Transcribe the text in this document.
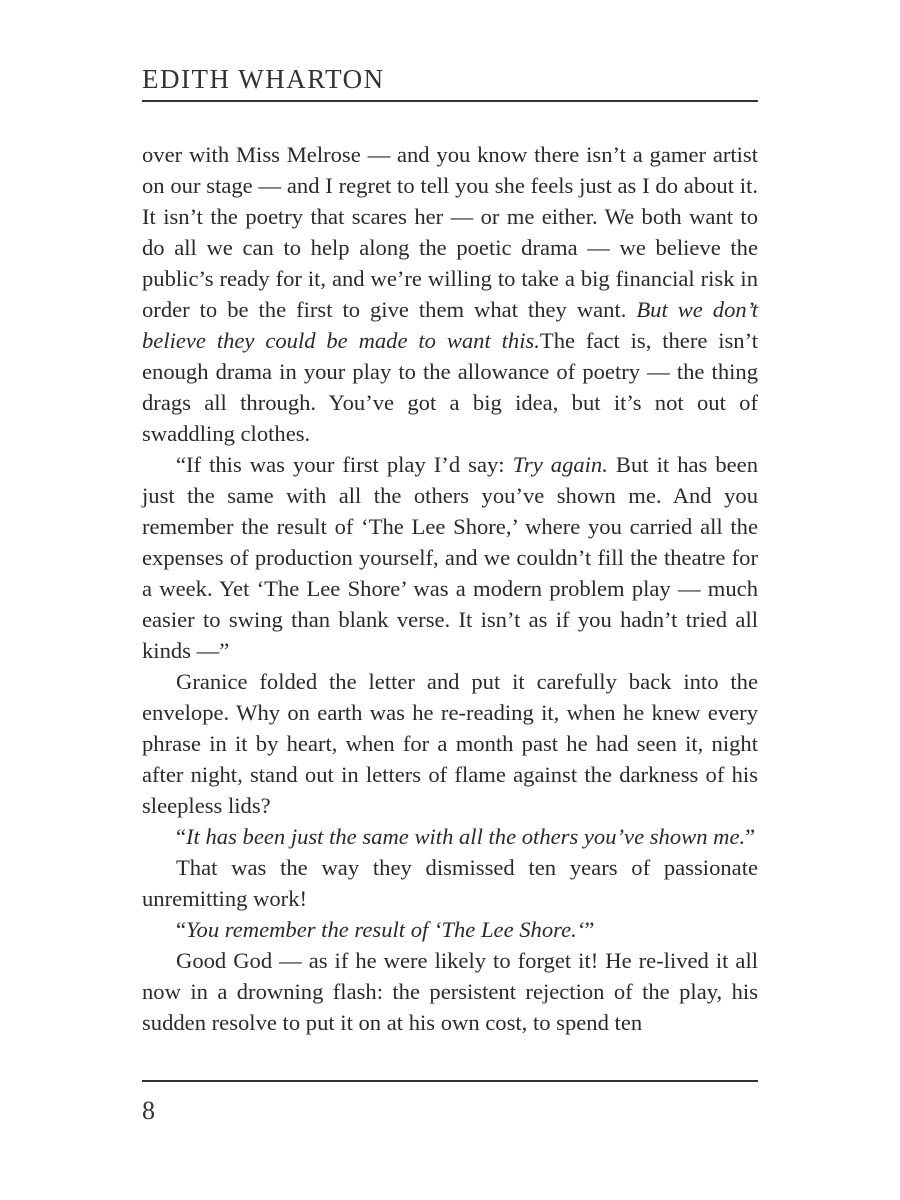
EDITH WHARTON

over with Miss Melrose — and you know there isn’t a gamer artist on our stage — and I regret to tell you she feels just as I do about it. It isn’t the poetry that scares her — or me either. We both want to do all we can to help along the poetic drama — we believe the public’s ready for it, and we’re willing to take a big financial risk in order to be the first to give them what they want. But we don’t believe they could be made to want this.The fact is, there isn’t enough drama in your play to the allowance of poetry — the thing drags all through. You’ve got a big idea, but it’s not out of swaddling clothes.

“If this was your first play I’d say: Try again. But it has been just the same with all the others you’ve shown me. And you remember the result of ‘The Lee Shore,’ where you carried all the expenses of production yourself, and we couldn’t fill the theatre for a week. Yet ‘The Lee Shore’ was a modern problem play — much easier to swing than blank verse. It isn’t as if you hadn’t tried all kinds —”

Granice folded the letter and put it carefully back into the envelope. Why on earth was he re-reading it, when he knew every phrase in it by heart, when for a month past he had seen it, night after night, stand out in letters of flame against the darkness of his sleepless lids?

“It has been just the same with all the others you’ve shown me.”

That was the way they dismissed ten years of passionate unremitting work!

“You remember the result of ‘The Lee Shore.‘”

Good God — as if he were likely to forget it! He re-lived it all now in a drowning flash: the persistent rejection of the play, his sudden resolve to put it on at his own cost, to spend ten

8
